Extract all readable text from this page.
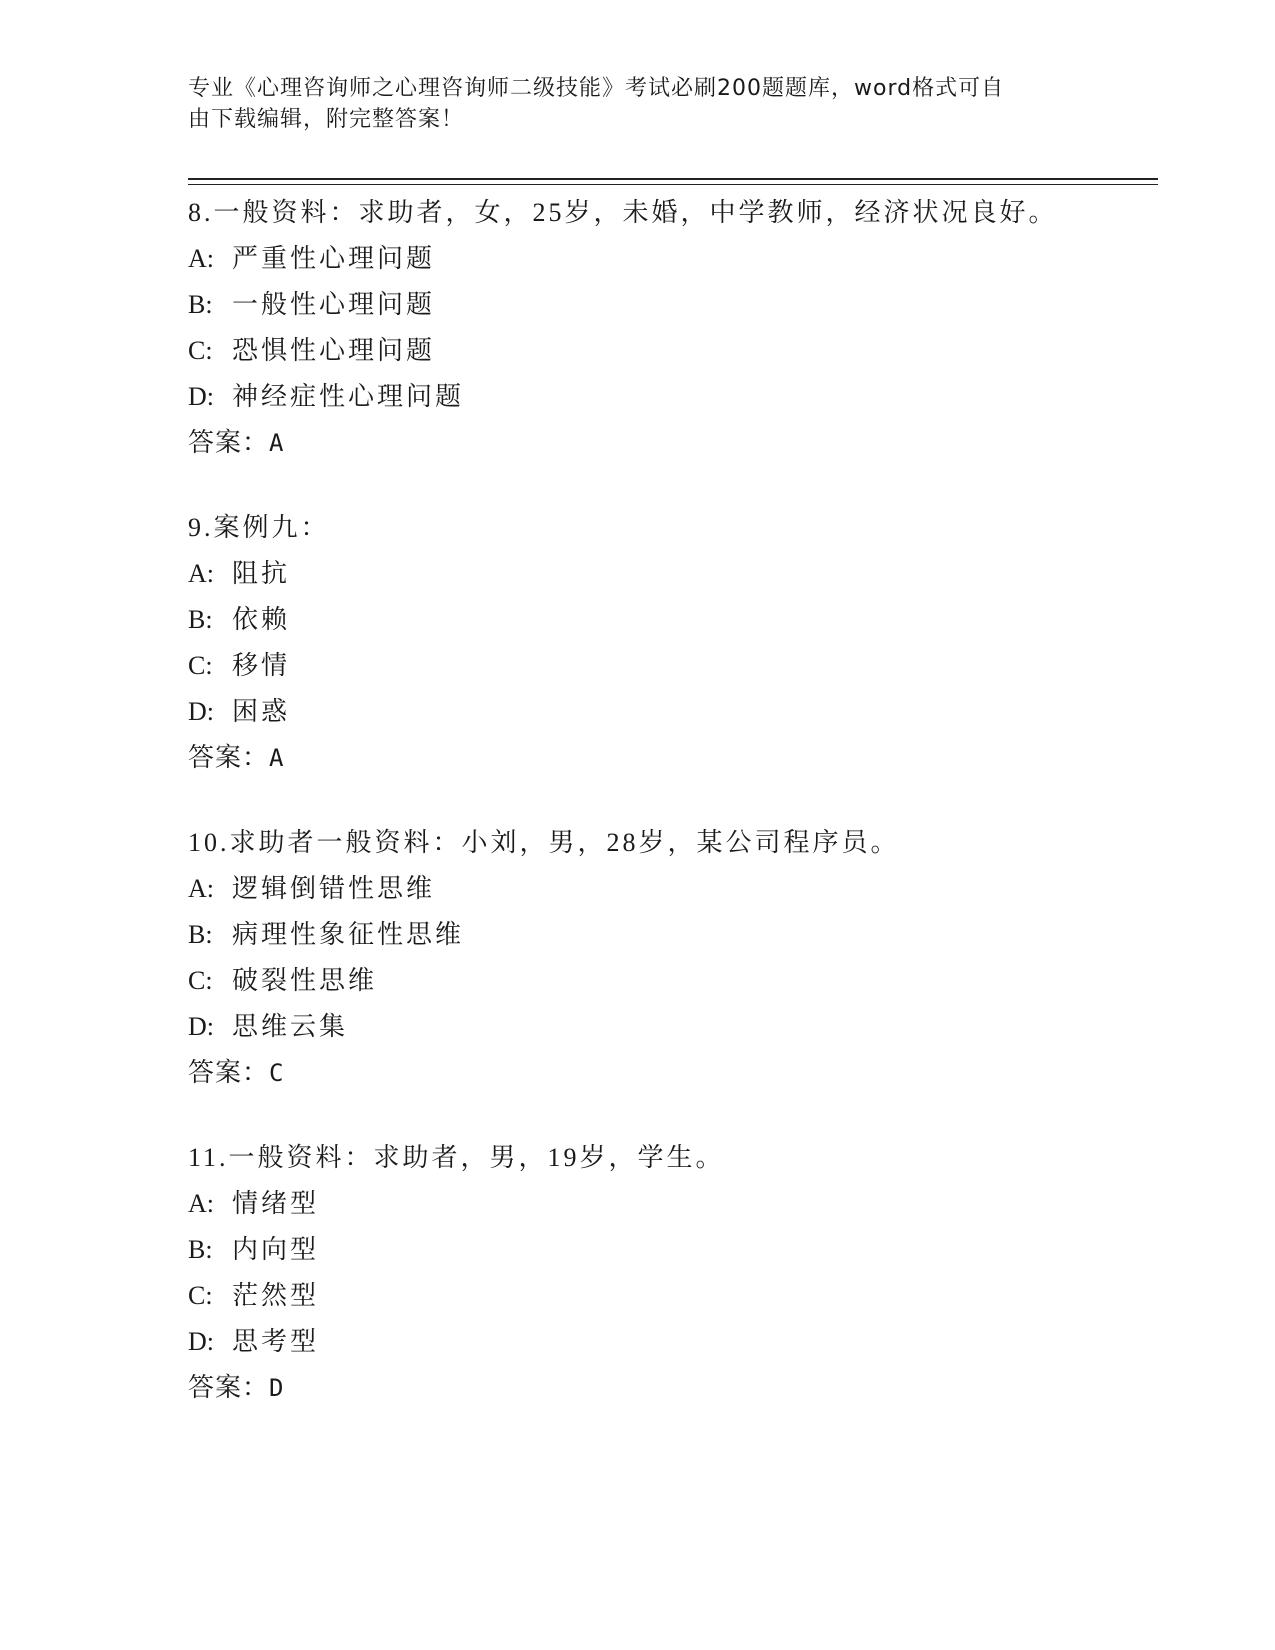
专业《心理咨询师之心理咨询师二级技能》考试必刷200题题库，word格式可自
由下载编辑，附完整答案！
8.一般资料：求助者，女，25岁，未婚，中学教师，经济状况良好。
A: 严重性心理问题
B: 一般性心理问题
C: 恐惧性心理问题
D: 神经症性心理问题
答案：A
9.案例九：
A: 阻抗
B: 依赖
C: 移情
D: 困惑
答案：A
10.求助者一般资料：小刘，男，28岁，某公司程序员。
A: 逻辑倒错性思维
B: 病理性象征性思维
C: 破裂性思维
D: 思维云集
答案：C
11.一般资料：求助者，男，19岁，学生。
A: 情绪型
B: 内向型
C: 茫然型
D: 思考型
答案：D
